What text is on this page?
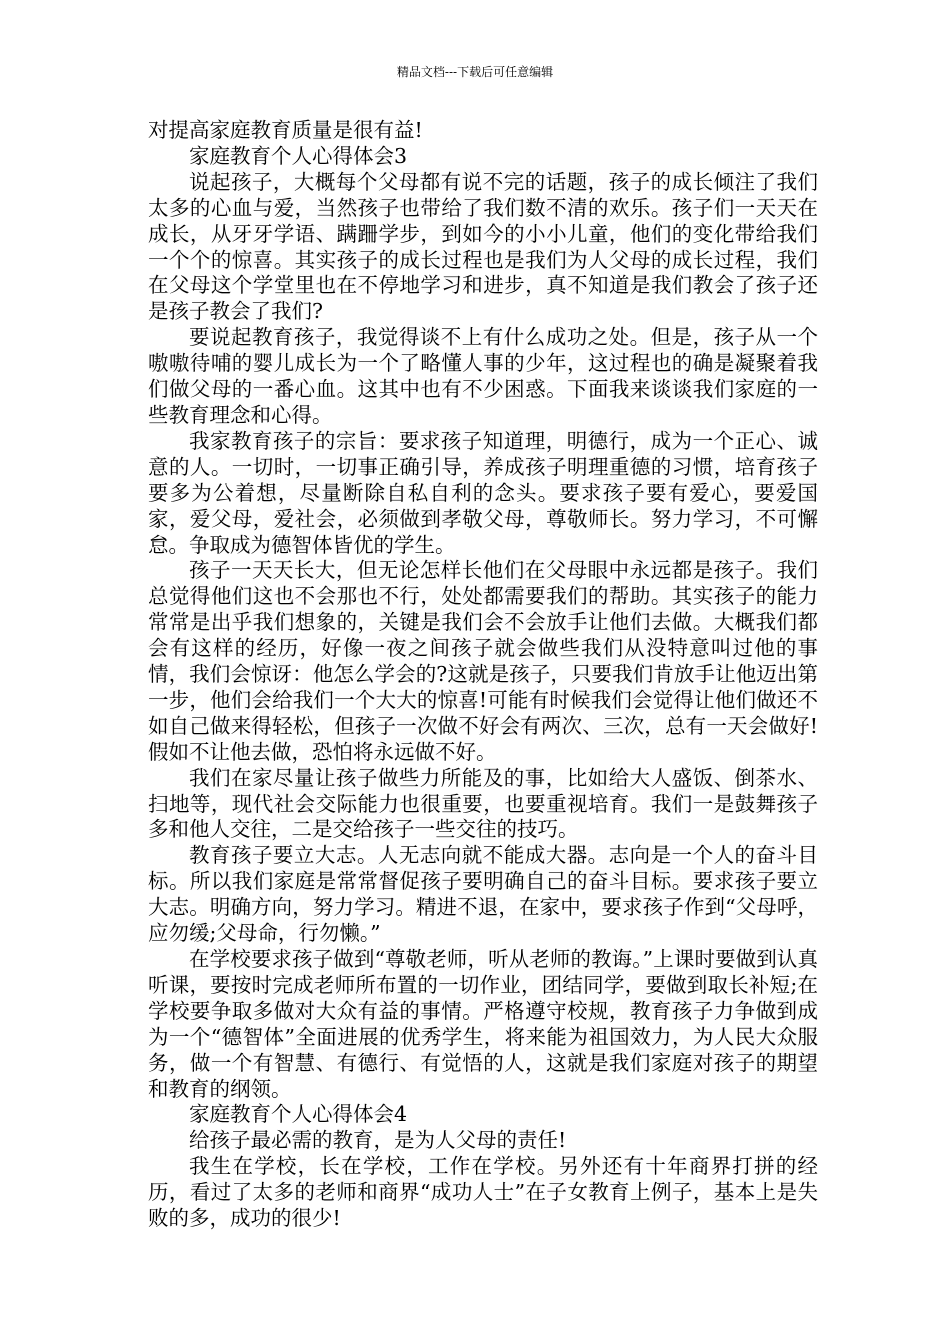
精品文档---下载后可任意编辑

对提高家庭教育质量是很有益!

家庭教育个人心得体会3

说起孩子，大概每个父母都有说不完的话题，孩子的成长倾注了我们太多的心血与爱，当然孩子也带给了我们数不清的欢乐。孩子们一天天在成长，从牙牙学语、蹒跚学步，到如今的小小儿童，他们的变化带给我们一个个的惊喜。其实孩子的成长过程也是我们为人父母的成长过程，我们在父母这个学堂里也在不停地学习和进步，真不知道是我们教会了孩子还是孩子教会了我们?

要说起教育孩子，我觉得谈不上有什么成功之处。但是，孩子从一个嗷嗷待哺的婴儿成长为一个了略懂人事的少年，这过程也的确是凝聚着我们做父母的一番心血。这其中也有不少困惑。下面我来谈谈我们家庭的一些教育理念和心得。

我家教育孩子的宗旨：要求孩子知道理，明德行，成为一个正心、诚意的人。一切时，一切事正确引导，养成孩子明理重德的习惯，培育孩子要多为公着想，尽量断除自私自利的念头。要求孩子要有爱心，要爱国家，爱父母，爱社会，必须做到孝敬父母，尊敬师长。努力学习，不可懈怠。争取成为德智体皆优的学生。

孩子一天天长大，但无论怎样长他们在父母眼中永远都是孩子。我们总觉得他们这也不会那也不行，处处都需要我们的帮助。其实孩子的能力常常是出乎我们想象的，关键是我们会不会放手让他们去做。大概我们都会有这样的经历，好像一夜之间孩子就会做些我们从没特意叫过他的事情，我们会惊讶：他怎么学会的?这就是孩子，只要我们肯放手让他迈出第一步，他们会给我们一个大大的惊喜!可能有时候我们会觉得让他们做还不如自己做来得轻松，但孩子一次做不好会有两次、三次，总有一天会做好!假如不让他去做，恐怕将永远做不好。

我们在家尽量让孩子做些力所能及的事，比如给大人盛饭、倒茶水、扫地等，现代社会交际能力也很重要，也要重视培育。我们一是鼓舞孩子多和他人交往，二是交给孩子一些交往的技巧。

教育孩子要立大志。人无志向就不能成大器。志向是一个人的奋斗目标。所以我们家庭是常常督促孩子要明确自己的奋斗目标。要求孩子要立大志。明确方向，努力学习。精进不退，在家中，要求孩子作到“父母呼，应勿缓;父母命，行勿懒。”

在学校要求孩子做到“尊敬老师，听从老师的教诲。”上课时要做到认真听课，要按时完成老师所布置的一切作业，团结同学，要做到取长补短;在学校要争取多做对大众有益的事情。严格遵守校规，教育孩子力争做到成为一个“德智体”全面进展的优秀学生，将来能为祖国效力，为人民大众服务，做一个有智慧、有德行、有觉悟的人，这就是我们家庭对孩子的期望和教育的纲领。

家庭教育个人心得体会4

给孩子最必需的教育，是为人父母的责任!

我生在学校，长在学校，工作在学校。另外还有十年商界打拼的经历，看过了太多的老师和商界“成功人士”在子女教育上例子，基本上是失败的多，成功的很少!
